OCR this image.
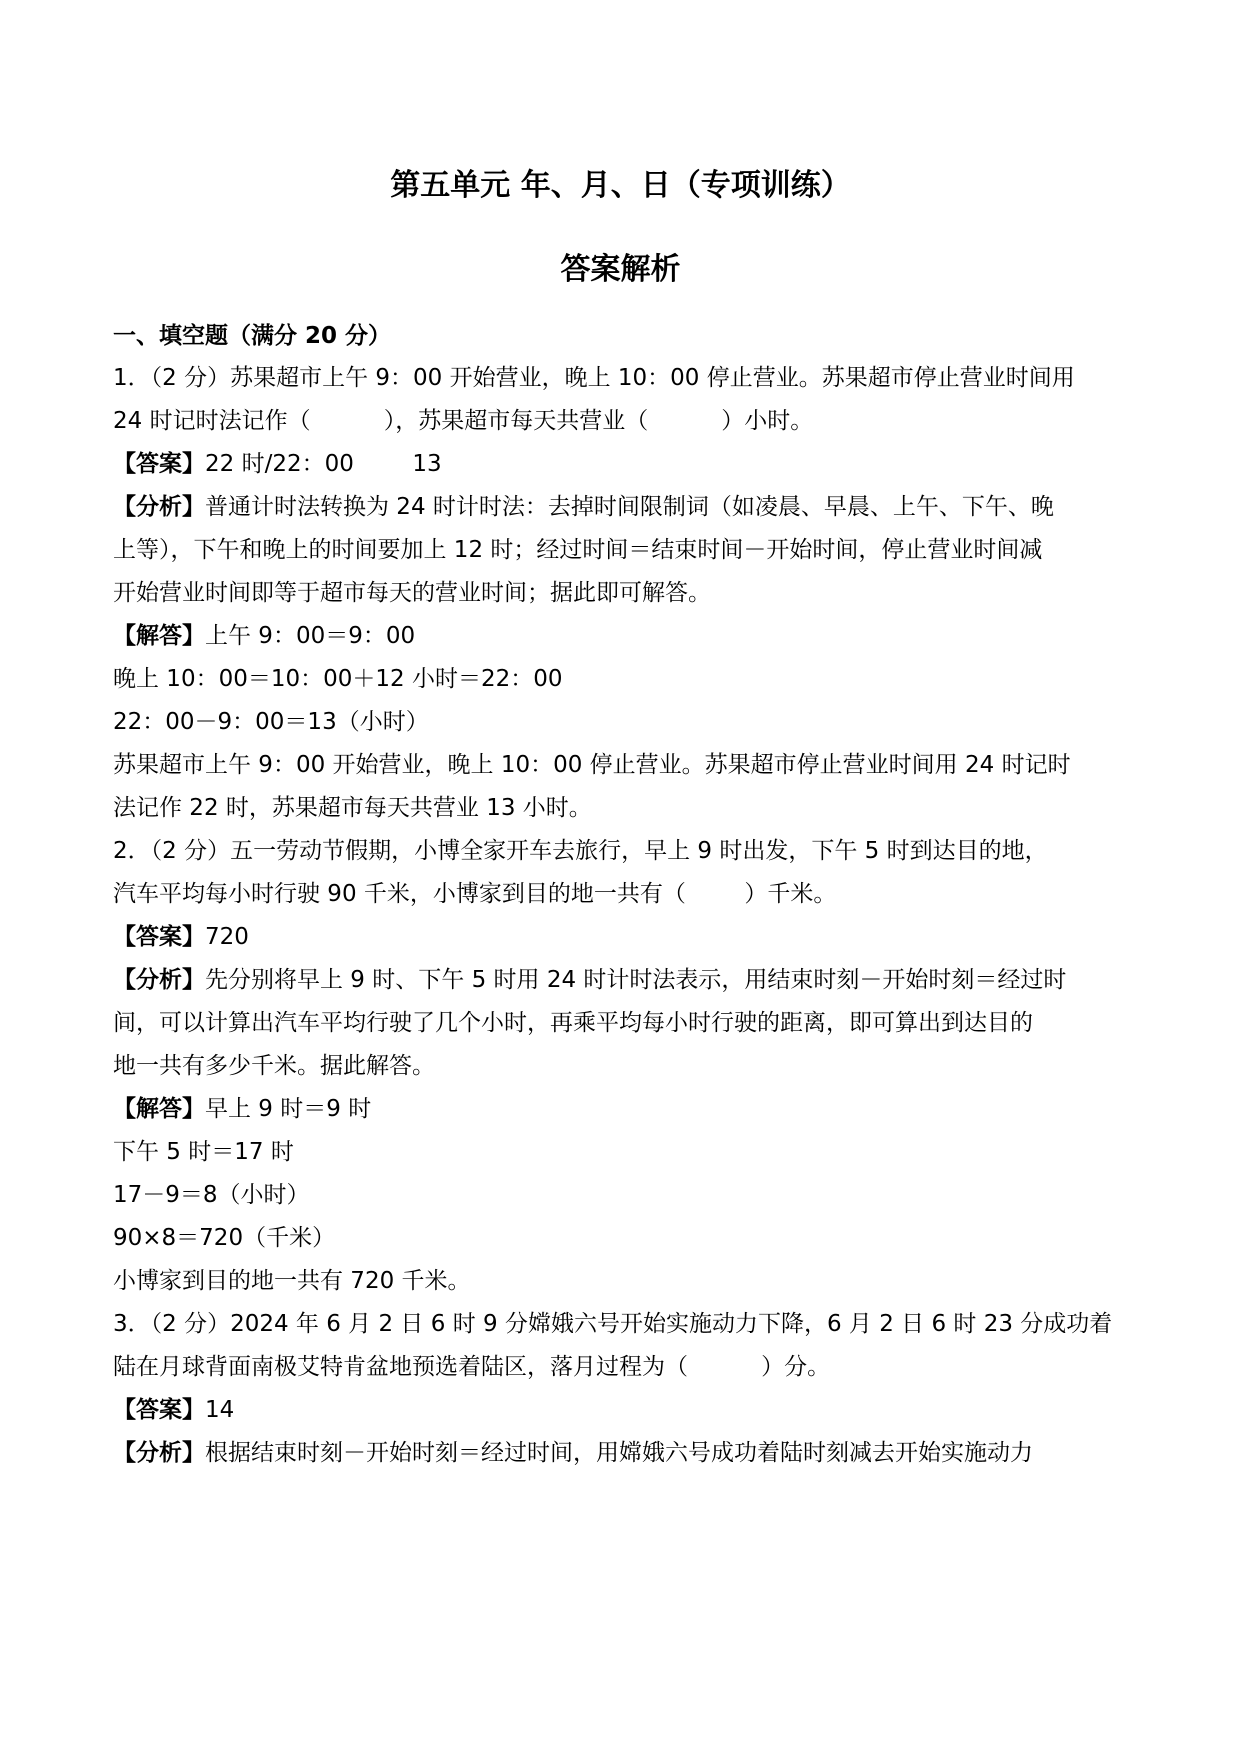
第五单元 年、月、日（专项训练）
答案解析
一、填空题（满分 20 分）
1．（2 分）苏果超市上午 9：00 开始营业，晚上 10：00 停止营业。苏果超市停止营业时间用
24 时记时法记作（          ），苏果超市每天共营业（          ）小时。
【答案】22 时/22：00        13
【分析】普通计时法转换为 24 时计时法：去掉时间限制词（如凌晨、早晨、上午、下午、晚
上等），下午和晚上的时间要加上 12 时；经过时间＝结束时间－开始时间，停止营业时间减
开始营业时间即等于超市每天的营业时间；据此即可解答。
【解答】上午 9：00＝9：00
晚上 10：00＝10：00＋12 小时＝22：00
22：00－9：00＝13（小时）
苏果超市上午 9：00 开始营业，晚上 10：00 停止营业。苏果超市停止营业时间用 24 时记时
法记作 22 时，苏果超市每天共营业 13 小时。
2．（2 分）五一劳动节假期，小博全家开车去旅行，早上 9 时出发，下午 5 时到达目的地，
汽车平均每小时行驶 90 千米，小博家到目的地一共有（        ）千米。
【答案】720
【分析】先分别将早上 9 时、下午 5 时用 24 时计时法表示，用结束时刻－开始时刻＝经过时
间，可以计算出汽车平均行驶了几个小时，再乘平均每小时行驶的距离，即可算出到达目的
地一共有多少千米。据此解答。
【解答】早上 9 时＝9 时
下午 5 时＝17 时
17－9＝8（小时）
90×8＝720（千米）
小博家到目的地一共有 720 千米。
3．（2 分）2024 年 6 月 2 日 6 时 9 分嫦娥六号开始实施动力下降，6 月 2 日 6 时 23 分成功着
陆在月球背面南极艾特肯盆地预选着陆区，落月过程为（          ）分。
【答案】14
【分析】根据结束时刻－开始时刻＝经过时间，用嫦娥六号成功着陆时刻减去开始实施动力
